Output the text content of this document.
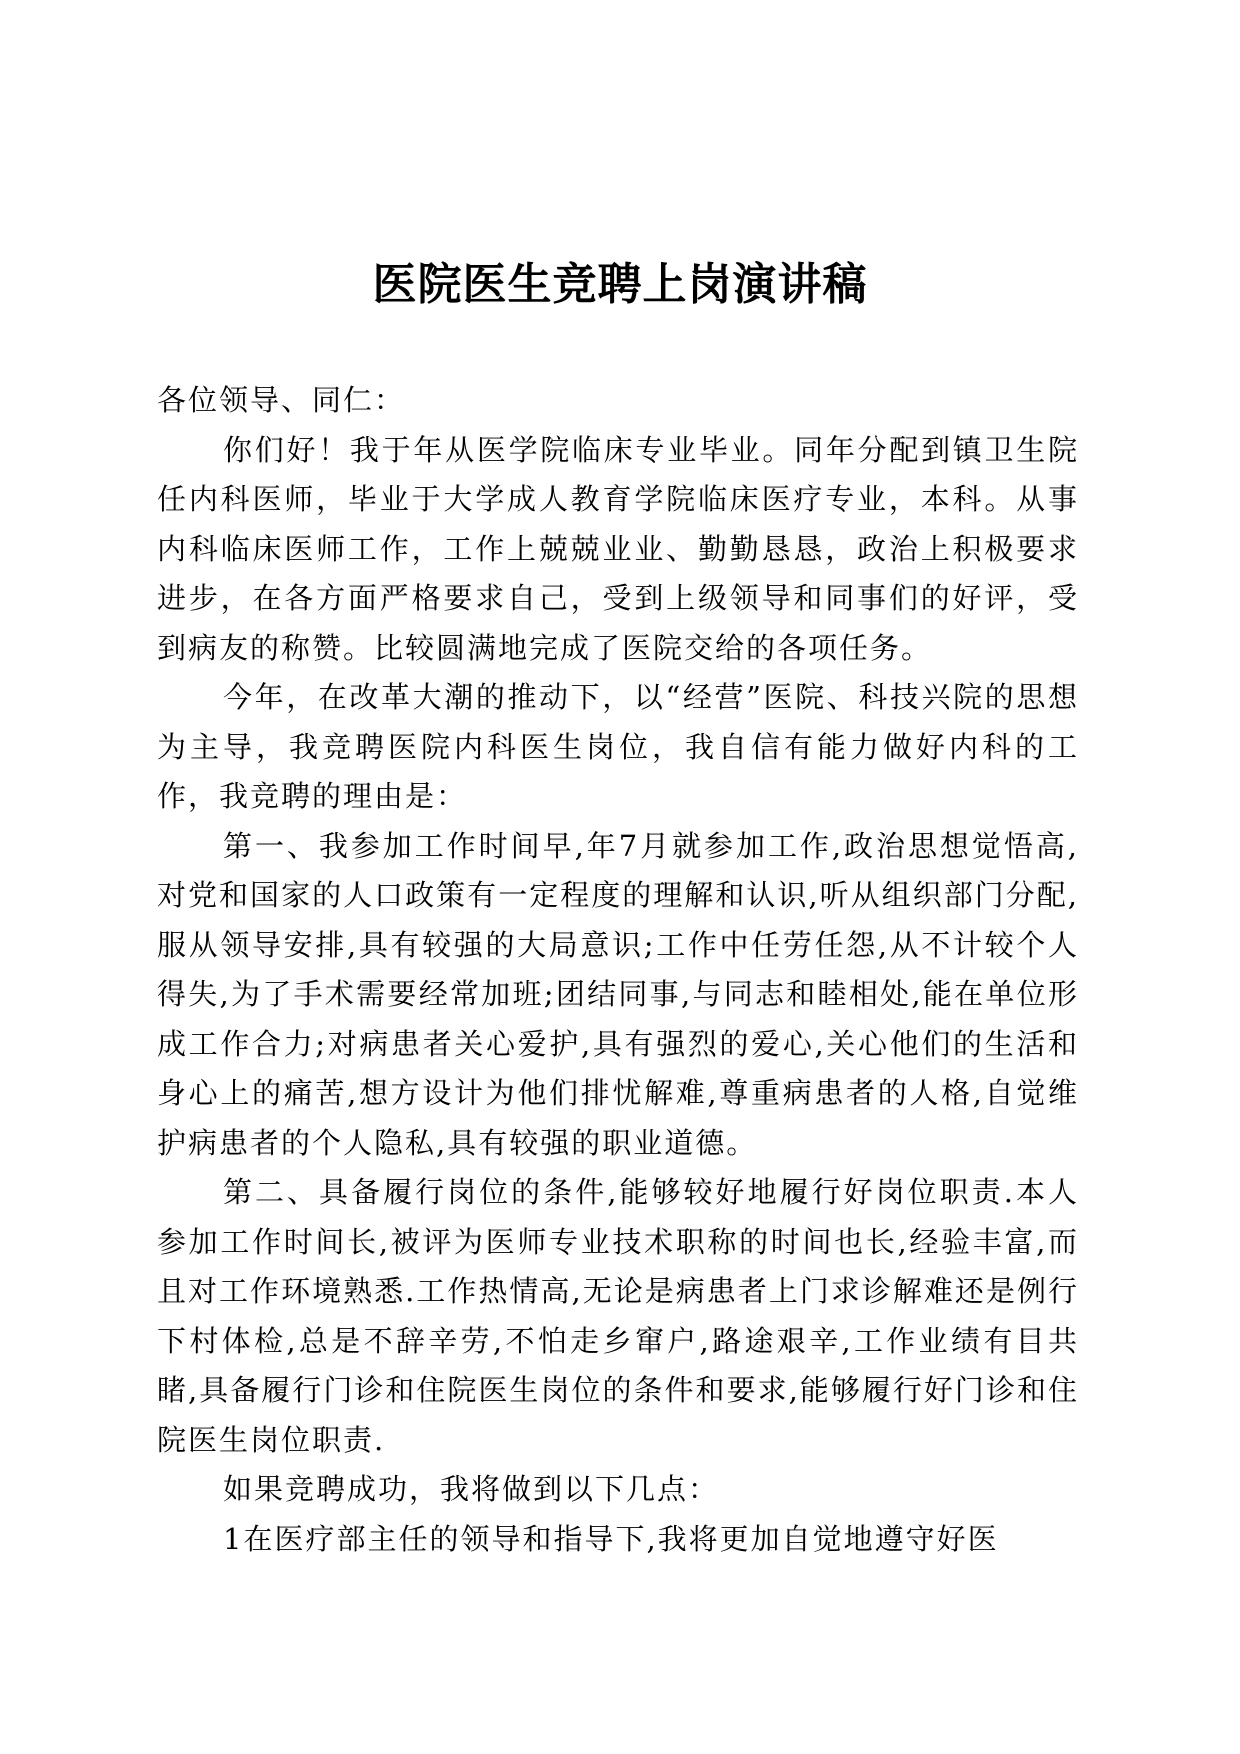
医院医生竞聘上岗演讲稿

各位领导、同仁：

你们好！我于年从医学院临床专业毕业。同年分配到镇卫生院任内科医师，毕业于大学成人教育学院临床医疗专业，本科。从事内科临床医师工作，工作上兢兢业业、勤勤恳恳，政治上积极要求进步，在各方面严格要求自己，受到上级领导和同事们的好评，受到病友的称赞。比较圆满地完成了医院交给的各项任务。

今年，在改革大潮的推动下，以“经营”医院、科技兴院的思想为主导，我竞聘医院内科医生岗位，我自信有能力做好内科的工作，我竞聘的理由是：

第一、我参加工作时间早,年7月就参加工作,政治思想觉悟高,对党和国家的人口政策有一定程度的理解和认识,听从组织部门分配,服从领导安排,具有较强的大局意识;工作中任劳任怨,从不计较个人得失,为了手术需要经常加班;团结同事,与同志和睦相处,能在单位形成工作合力;对病患者关心爱护,具有强烈的爱心,关心他们的生活和身心上的痛苦,想方设计为他们排忧解难,尊重病患者的人格,自觉维护病患者的个人隐私,具有较强的职业道德。

第二、具备履行岗位的条件,能够较好地履行好岗位职责.本人参加工作时间长,被评为医师专业技术职称的时间也长,经验丰富,而且对工作环境熟悉.工作热情高,无论是病患者上门求诊解难还是例行下村体检,总是不辞辛劳,不怕走乡窜户,路途艰辛,工作业绩有目共睹,具备履行门诊和住院医生岗位的条件和要求,能够履行好门诊和住院医生岗位职责.

如果竞聘成功，我将做到以下几点：

1在医疗部主任的领导和指导下,我将更加自觉地遵守好医
